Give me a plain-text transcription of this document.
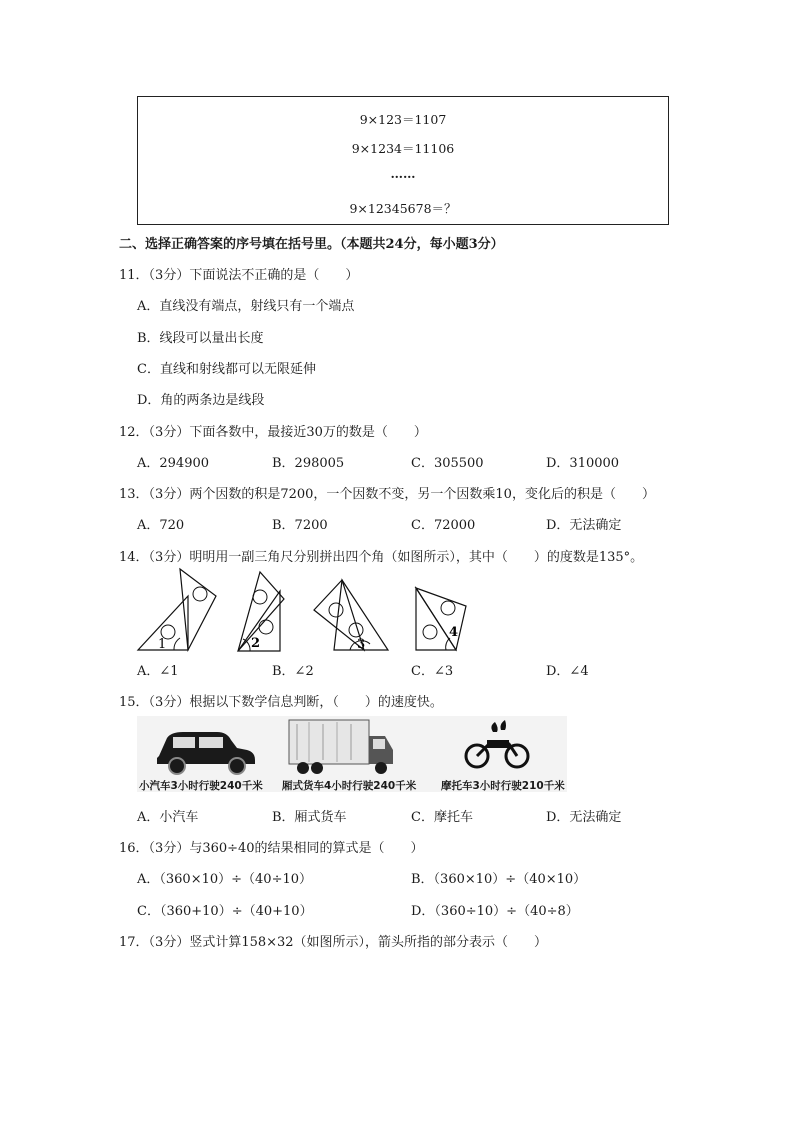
9×123＝1107
9×1234＝11106
……
9×12345678＝？
二、选择正确答案的序号填在括号里。（本题共24分，每小题3分）
11．（3分）下面说法不正确的是（　　）
A．直线没有端点，射线只有一个端点
B．线段可以量出长度
C．直线和射线都可以无限延伸
D．角的两条边是线段
12．（3分）下面各数中，最接近30万的数是（　　）
A．294900	B．298005	C．305500	D．310000
13．（3分）两个因数的积是7200，一个因数不变，另一个因数乘10，变化后的积是（　　）
A．720	B．7200	C．72000	D．无法确定
14．（3分）明明用一副三角尺分别拼出四个角（如图所示），其中（　　）的度数是135°。
1	2	3
4
A．∠1	B．∠2	C．∠3	D．∠4
15．（3分）根据以下数学信息判断，（　　）的速度快。
小汽车3小时行驶240千米 厢式货车4小时行驶240千米 摩托车3小时行驶210千米
A．小汽车	B．厢式货车	C．摩托车	D．无法确定
16．（3分）与360÷40的结果相同的算式是（　　）
A．（360×10）÷（40÷10）	B．（360×10）÷（40×10）
C．（360+10）÷（40+10）	D．（360÷10）÷（40÷8）
17．（3分）竖式计算158×32（如图所示），箭头所指的部分表示（　　）
